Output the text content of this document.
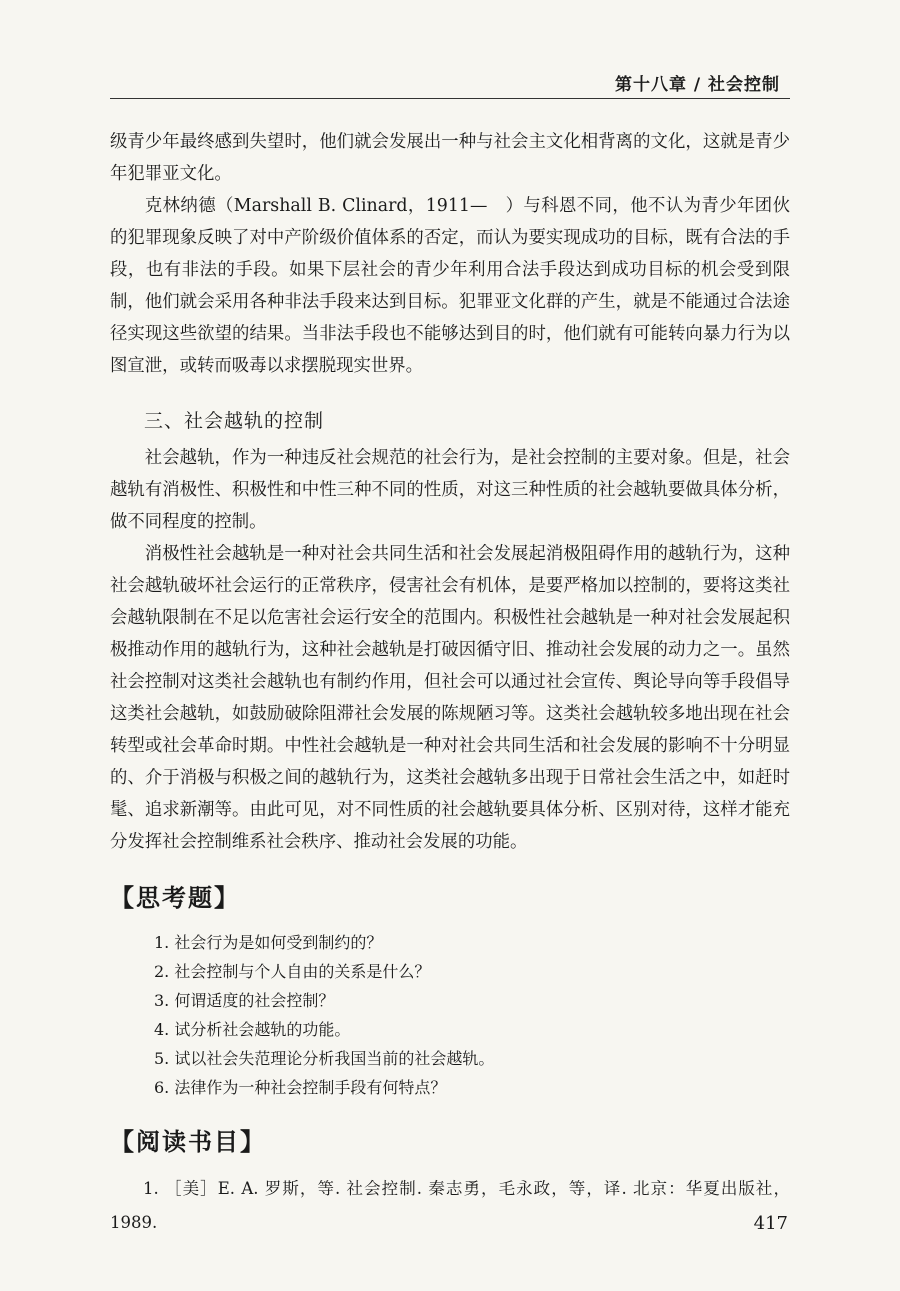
第十八章 / 社会控制

级青少年最终感到失望时，他们就会发展出一种与社会主文化相背离的文化，这就是青少年犯罪亚文化。

克林纳德（Marshall B. Clinard，1911—　）与科恩不同，他不认为青少年团伙的犯罪现象反映了对中产阶级价值体系的否定，而认为要实现成功的目标，既有合法的手段，也有非法的手段。如果下层社会的青少年利用合法手段达到成功目标的机会受到限制，他们就会采用各种非法手段来达到目标。犯罪亚文化群的产生，就是不能通过合法途径实现这些欲望的结果。当非法手段也不能够达到目的时，他们就有可能转向暴力行为以图宣泄，或转而吸毒以求摆脱现实世界。

三、社会越轨的控制

社会越轨，作为一种违反社会规范的社会行为，是社会控制的主要对象。但是，社会越轨有消极性、积极性和中性三种不同的性质，对这三种性质的社会越轨要做具体分析，做不同程度的控制。

消极性社会越轨是一种对社会共同生活和社会发展起消极阻碍作用的越轨行为，这种社会越轨破坏社会运行的正常秩序，侵害社会有机体，是要严格加以控制的，要将这类社会越轨限制在不足以危害社会运行安全的范围内。积极性社会越轨是一种对社会发展起积极推动作用的越轨行为，这种社会越轨是打破因循守旧、推动社会发展的动力之一。虽然社会控制对这类社会越轨也有制约作用，但社会可以通过社会宣传、舆论导向等手段倡导这类社会越轨，如鼓励破除阻滞社会发展的陈规陋习等。这类社会越轨较多地出现在社会转型或社会革命时期。中性社会越轨是一种对社会共同生活和社会发展的影响不十分明显的、介于消极与积极之间的越轨行为，这类社会越轨多出现于日常社会生活之中，如赶时髦、追求新潮等。由此可见，对不同性质的社会越轨要具体分析、区别对待，这样才能充分发挥社会控制维系社会秩序、推动社会发展的功能。

【思考题】
1. 社会行为是如何受到制约的？
2. 社会控制与个人自由的关系是什么？
3. 何谓适度的社会控制？
4. 试分析社会越轨的功能。
5. 试以社会失范理论分析我国当前的社会越轨。
6. 法律作为一种社会控制手段有何特点？
【阅读书目】

1. ［美］E. A. 罗斯，等. 社会控制. 秦志勇，毛永政，等，译. 北京：华夏出版社，1989.	417
